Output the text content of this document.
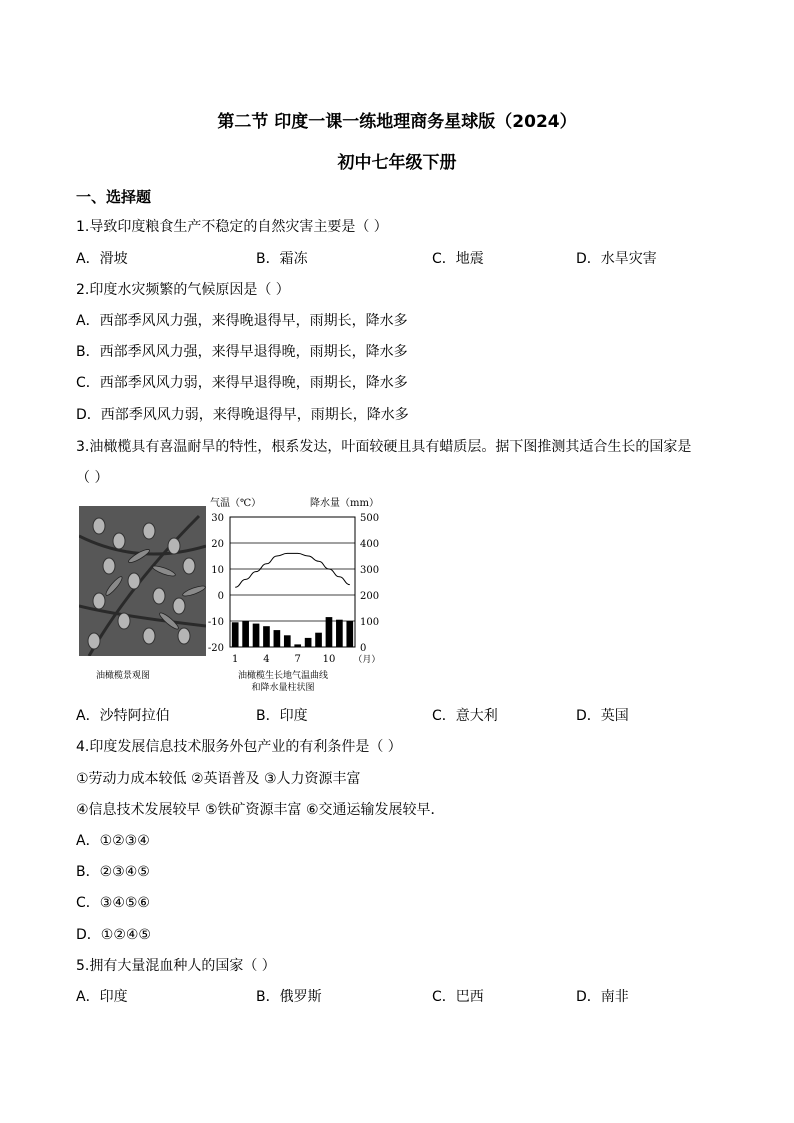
第二节 印度一课一练地理商务星球版（2024）
初中七年级下册
一、选择题
1.导致印度粮食生产不稳定的自然灾害主要是（ ）
A．滑坡	B．霜冻	C．地震	D．水旱灾害
2.印度水灾频繁的气候原因是（ ）
A．西部季风风力强，来得晚退得早，雨期长，降水多
B．西部季风风力强，来得早退得晚，雨期长，降水多
C．西部季风风力弱，来得早退得晚，雨期长，降水多
D．西部季风风力弱，来得晚退得早，雨期长，降水多
3.油橄榄具有喜温耐旱的特性，根系发达，叶面较硬且具有蜡质层。据下图推测其适合生长的国家是
（ ）
油橄榄景观图
气温（℃）	降水量（mm）
30
20
10
0
-10
-20
500
400
300
200
100
0
1 4 7 10 （月）
油橄榄生长地气温曲线
和降水量柱状图
A．沙特阿拉伯	B．印度	C．意大利	D．英国
4.印度发展信息技术服务外包产业的有利条件是（ ）
①劳动力成本较低 ②英语普及 ③人力资源丰富
④信息技术发展较早 ⑤铁矿资源丰富 ⑥交通运输发展较早．
A．①②③④
B．②③④⑤
C．③④⑤⑥
D．①②④⑤
5.拥有大量混血种人的国家（ ）
A．印度	B．俄罗斯	C．巴西	D．南非
